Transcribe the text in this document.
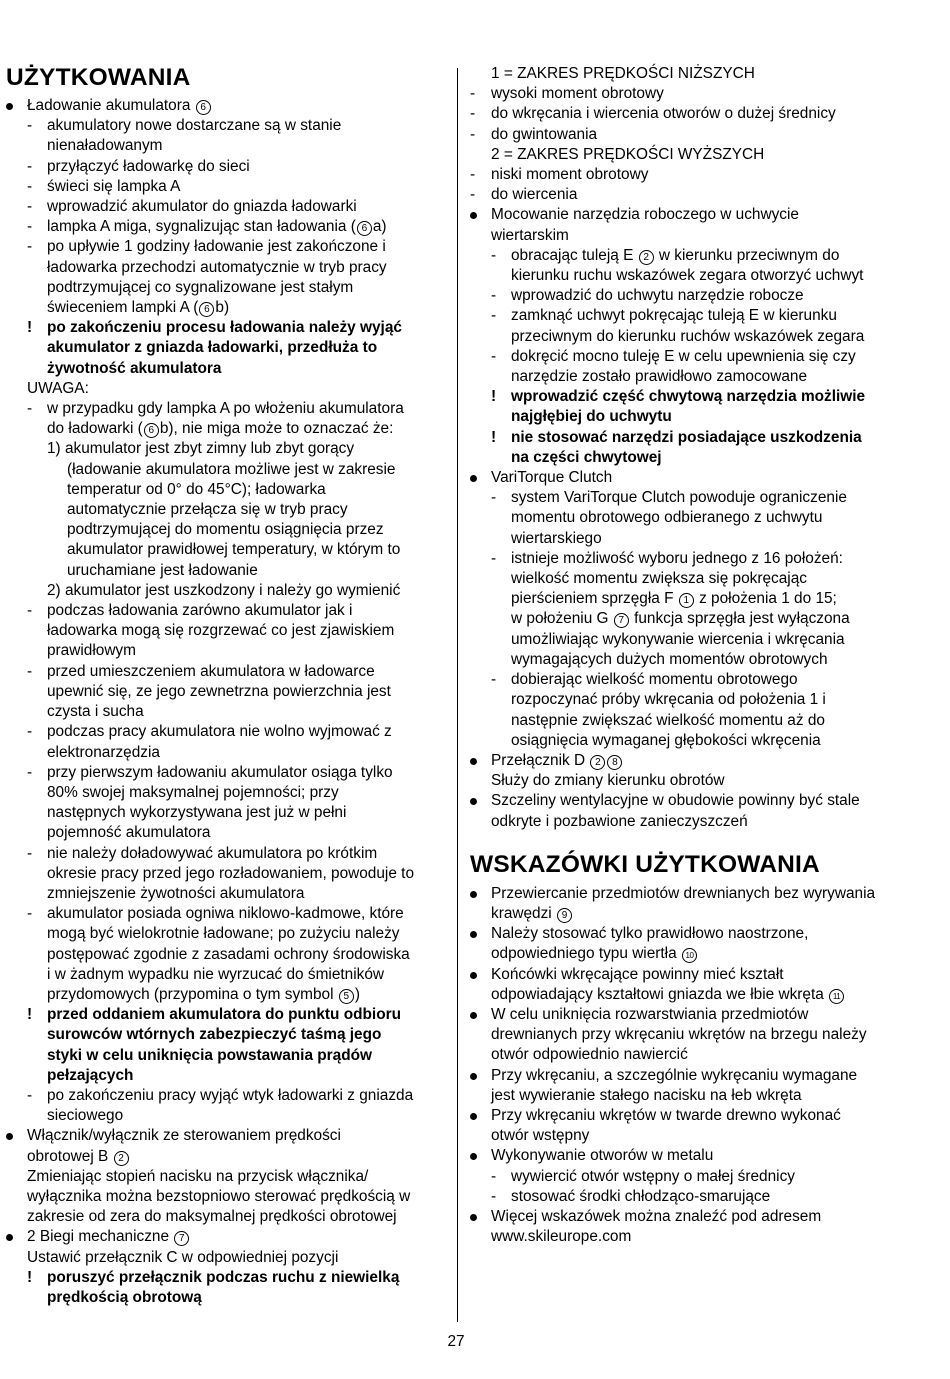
UŻYTKOWANIA
Ładowanie akumulatora 6
- akumulatory nowe dostarczane są w stanie
nienaładowanym
- przyłączyć ładowarkę do sieci
- świeci się lampka A
- wprowadzić akumulator do gniazda ładowarki
- lampka A miga, sygnalizując stan ładowania ( 6 a)
- po upływie 1 godziny ładowanie jest zakończone i
ładowarka przechodzi automatycznie w tryb pracy
podtrzymującej co sygnalizowane jest stałym
świeceniem lampki A ( 6 b)
! po zakończeniu procesu ładowania należy wyjąć
akumulator z gniazda ładowarki, przedłuża to
żywotność akumulatora
UWAGA:
- w przypadku gdy lampka A po włożeniu akumulatora
do ładowarki ( 6 b), nie miga może to oznaczać że:
1) akumulator jest zbyt zimny lub zbyt gorący
(ładowanie akumulatora możliwe jest w zakresie
temperatur od 0° do 45°C); ładowarka
automatycznie przełącza się w tryb pracy
podtrzymującej do momentu osiągnięcia przez
akumulator prawidłowej temperatury, w którym to
uruchamiane jest ładowanie
2) akumulator jest uszkodzony i należy go wymienić
- podczas ładowania zarówno akumulator jak i
ładowarka mogą się rozgrzewać co jest zjawiskiem
prawidłowym
- przed umieszczeniem akumulatora w ładowarce
upewnić się, ze jego zewnetrzna powierzchnia jest
czysta i sucha
- podczas pracy akumulatora nie wolno wyjmować z
elektronarzędzia
- przy pierwszym ładowaniu akumulator osiąga tylko
80% swojej maksymalnej pojemności; przy
następnych wykorzystywana jest już w pełni
pojemność akumulatora
- nie należy doładowywać akumulatora po krótkim
okresie pracy przed jego rozładowaniem, powoduje to
zmniejszenie żywotności akumulatora
- akumulator posiada ogniwa niklowo-kadmowe, które
mogą być wielokrotnie ładowane; po zużyciu należy
postępować zgodnie z zasadami ochrony środowiska
i w żadnym wypadku nie wyrzucać do śmietników
przydomowych (przypomina o tym symbol 5 )
! przed oddaniem akumulatora do punktu odbioru
surowców wtórnych zabezpieczyć taśmą jego
styki w celu uniknięcia powstawania prądów
pełzających
- po zakończeniu pracy wyjąć wtyk ładowarki z gniazda
sieciowego
Włącznik/wyłącznik ze sterowaniem prędkości
obrotowej B 2
Zmieniając stopień nacisku na przycisk włącznika/
wyłącznika można bezstopniowo sterować prędkością w
zakresie od zera do maksymalnej prędkości obrotowej
2 Biegi mechaniczne 7
Ustawić przełącznik C w odpowiedniej pozycji
! poruszyć przełącznik podczas ruchu z niewielką
prędkością obrotową
1 = ZAKRES PRĘDKOŚCI NIŻSZYCH
- wysoki moment obrotowy
- do wkręcania i wiercenia otworów o dużej średnicy
- do gwintowania
2 = ZAKRES PRĘDKOŚCI WYŻSZYCH
- niski moment obrotowy
- do wiercenia
Mocowanie narzędzia roboczego w uchwycie
wiertarskim
- obracając tuleją E 2 w kierunku przeciwnym do
kierunku ruchu wskazówek zegara otworzyć uchwyt
- wprowadzić do uchwytu narzędzie robocze
- zamknąć uchwyt pokręcając tuleją E w kierunku
przeciwnym do kierunku ruchów wskazówek zegara
- dokręcić mocno tuleję E w celu upewnienia się czy
narzędzie zostało prawidłowo zamocowane
! wprowadzić część chwytową narzędzia możliwie
najgłębiej do uchwytu
! nie stosować narzędzi posiadające uszkodzenia
na części chwytowej
VariTorque Clutch
- system VariTorque Clutch powoduje ograniczenie
momentu obrotowego odbieranego z uchwytu
wiertarskiego
- istnieje możliwość wyboru jednego z 16 położeń:
wielkość momentu zwiększa się pokręcając
pierścieniem sprzęgła F 1 z położenia 1 do 15;
w położeniu G 7 funkcja sprzęgła jest wyłączona
umożliwiając wykonywanie wiercenia i wkręcania
wymagających dużych momentów obrotowych
- dobierając wielkość momentu obrotowego
rozpoczynać próby wkręcania od położenia 1 i
następnie zwiększać wielkość momentu aż do
osiągnięcia wymaganej głębokości wkręcenia
Przełącznik D 2 8
Służy do zmiany kierunku obrotów
Szczeliny wentylacyjne w obudowie powinny być stale
odkryte i pozbawione zanieczyszczeń
WSKAZÓWKI UŻYTKOWANIA
Przewiercanie przedmiotów drewnianych bez wyrywania
krawędzi 9
Należy stosować tylko prawidłowo naostrzone,
odpowiedniego typu wiertła 10
Końcówki wkręcające powinny mieć kształt
odpowiadający kształtowi gniazda we łbie wkręta 11
W celu uniknięcia rozwarstwiania przedmiotów
drewnianych przy wkręcaniu wkrętów na brzegu należy
otwór odpowiednio nawiercić
Przy wkręcaniu, a szczególnie wykręcaniu wymagane
jest wywieranie stałego nacisku na łeb wkręta
Przy wkręcaniu wkrętów w twarde drewno wykonać
otwór wstępny
Wykonywanie otworów w metalu
- wywiercić otwór wstępny o małej średnicy
- stosować środki chłodząco-smarujące
Więcej wskazówek można znaleźć pod adresem
www.skileurope.com
27
